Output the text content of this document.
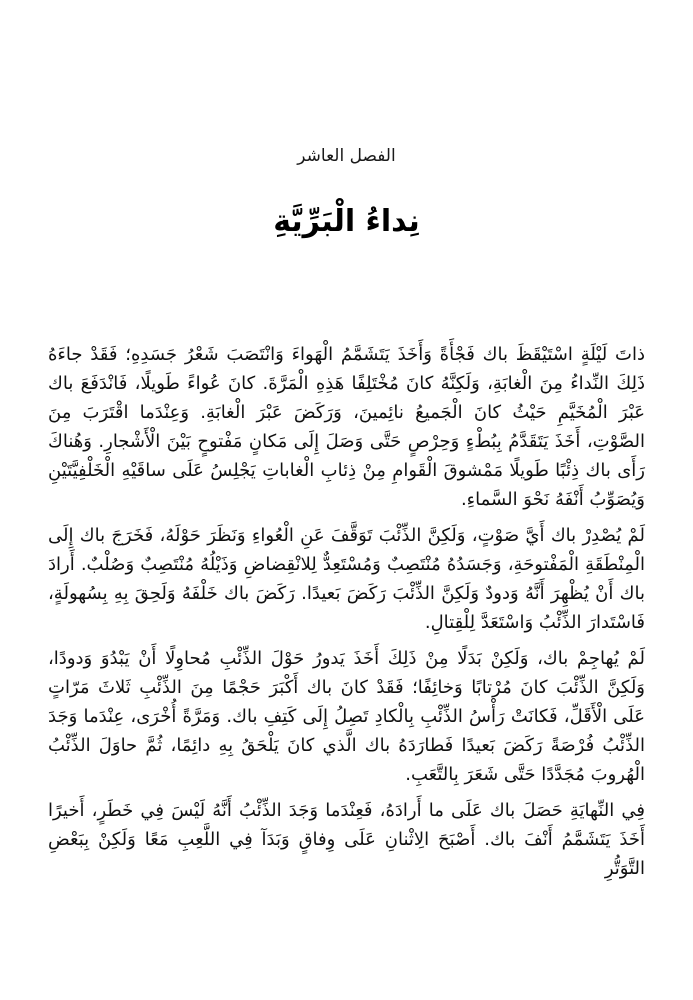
الفصل العاشر
نِداءُ الْبَرِّيَّةِ

ذاتَ لَيْلَةٍ اسْتَيْقَظَ باك فَجْأَةً وَأَخَذَ يَتَشَمَّمُ الْهَواءَ وَانْتَصَبَ شَعْرُ جَسَدِهِ؛ فَقَدْ جاءَهُ ذَلِكَ النِّداءُ مِنَ الْغابَةِ، وَلَكِنَّهُ كانَ مُخْتَلِفًا هَذِهِ الْمَرَّةَ. كانَ عُواءً طَويلًا، فَانْدَفَعَ باك عَبْرَ الْمُخَيَّمِ حَيْثُ كانَ الْجَميعُ نائِمينَ، وَرَكَضَ عَبْرَ الْغابَةِ. وَعِنْدَما اقْتَرَبَ مِنَ الصَّوْتِ، أَخَذَ يَتَقَدَّمُ بِبُطْءٍ وَحِرْصٍ حَتَّى وَصَلَ إِلَى مَكانٍ مَفْتوحٍ بَيْنَ الْأَشْجارِ. وَهُناكَ رَأَى باك ذِئْبًا طَويلًا مَمْشوقَ الْقَوامِ مِنْ ذِئابِ الْغاباتِ يَجْلِسُ عَلَى ساقَيْهِ الْخَلْفِيَّتَيْنِ وَيُصَوِّبُ أَنْفَهُ نَحْوَ السَّماءِ.

لَمْ يُصْدِرْ باك أَيَّ صَوْتٍ، وَلَكِنَّ الذِّئْبَ تَوَقَّفَ عَنِ الْعُواءِ وَنَظَرَ حَوْلَهُ، فَخَرَجَ باك إِلَى الْمِنْطَقَةِ الْمَفْتوحَةِ، وَجَسَدُهُ مُنْتَصِبٌ وَمُسْتَعِدٌّ لِلانْقِضاضِ وَذَيْلُهُ مُنْتَصِبٌ وَصُلْبٌ. أَرادَ باك أَنْ يُظْهِرَ أَنَّهُ وَدودٌ وَلَكِنَّ الذِّئْبَ رَكَضَ بَعيدًا. رَكَضَ باك خَلْفَهُ وَلَحِقَ بِهِ بِسُهولَةٍ، فَاسْتَدارَ الذِّئْبُ وَاسْتَعَدَّ لِلْقِتالِ.

لَمْ يُهاجِمْ باك، وَلَكِنْ بَدَلًا مِنْ ذَلِكَ أَخَذَ يَدورُ حَوْلَ الذِّئْبِ مُحاوِلًا أَنْ يَبْدُوَ وَدودًا، وَلَكِنَّ الذِّئْبَ كانَ مُرْتابًا وَخائِفًا؛ فَقَدْ كانَ باك أَكْبَرَ حَجْمًا مِنَ الذِّئْبِ ثَلاثَ مَرّاتٍ عَلَى الْأَقَلِّ، فَكانَتْ رَأْسُ الذِّئْبِ بِالْكادِ تَصِلُ إِلَى كَتِفِ باك. وَمَرَّةً أُخْرَى، عِنْدَما وَجَدَ الذِّئْبُ فُرْصَةً رَكَضَ بَعيدًا فَطارَدَهُ باك الَّذي كانَ يَلْحَقُ بِهِ دائِمًا، ثُمَّ حاوَلَ الذِّئْبُ الْهُروبَ مُجَدَّدًا حَتَّى شَعَرَ بِالتَّعَبِ.

فِي النِّهايَةِ حَصَلَ باك عَلَى ما أَرادَهُ، فَعِنْدَما وَجَدَ الذِّئْبُ أَنَّهُ لَيْسَ فِي خَطَرٍ، أَخيرًا أَخَذَ يَتَشَمَّمُ أَنْفَ باك. أَصْبَحَ الِاثْنانِ عَلَى وِفاقٍ وَبَدَآ فِي اللَّعِبِ مَعًا وَلَكِنْ بِبَعْضِ التَّوَتُّرِ
